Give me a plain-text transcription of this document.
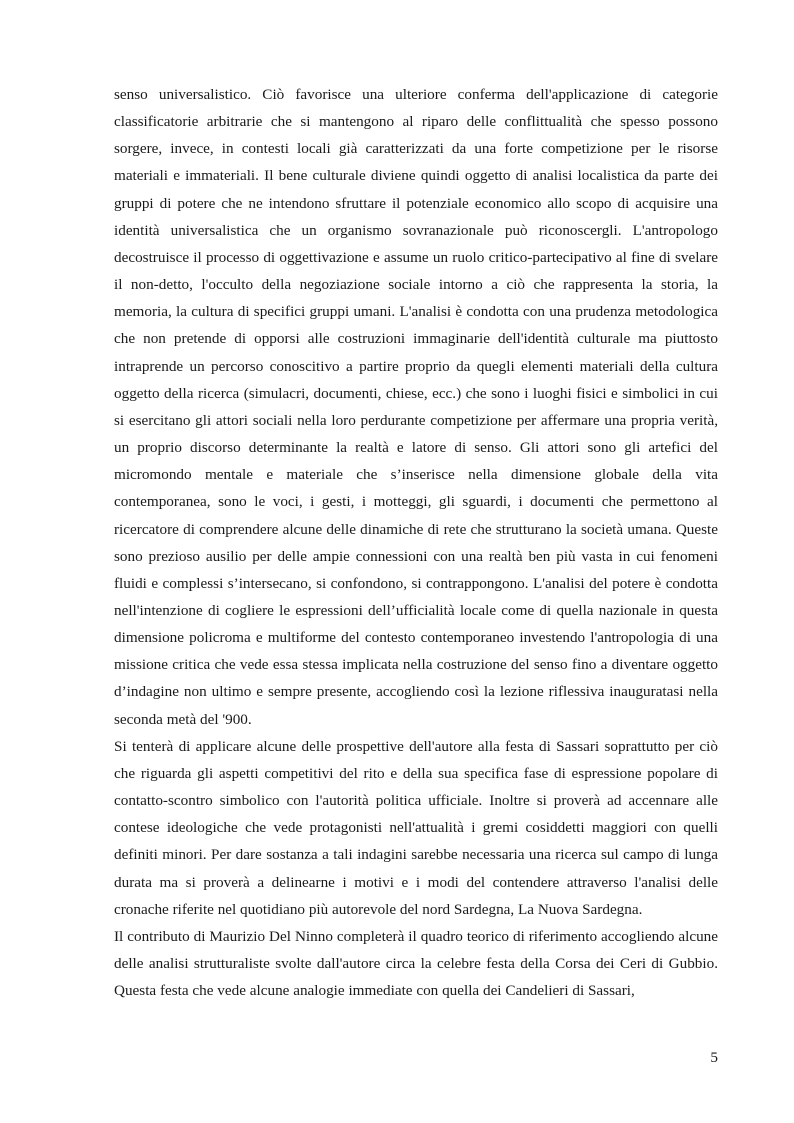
senso universalistico. Ciò favorisce una ulteriore conferma dell'applicazione di categorie classificatorie arbitrarie che si mantengono al riparo delle conflittualità che spesso possono sorgere, invece, in contesti locali già caratterizzati da una forte competizione per le risorse materiali e immateriali. Il bene culturale diviene quindi oggetto di analisi localistica da parte dei gruppi di potere che ne intendono sfruttare il potenziale economico allo scopo di acquisire una identità universalistica che un organismo sovranazionale può riconoscergli. L'antropologo decostruisce il processo di oggettivazione e assume un ruolo critico-partecipativo al fine di svelare il non-detto, l'occulto della negoziazione sociale intorno a ciò che rappresenta la storia, la memoria, la cultura di specifici gruppi umani. L'analisi è condotta con una prudenza metodologica che non pretende di opporsi alle costruzioni immaginarie dell'identità culturale ma piuttosto intraprende un percorso conoscitivo a partire proprio da quegli elementi materiali della cultura oggetto della ricerca (simulacri, documenti, chiese, ecc.) che sono i luoghi fisici e simbolici in cui si esercitano gli attori sociali nella loro perdurante competizione per affermare una propria verità, un proprio discorso determinante la realtà e latore di senso. Gli attori sono gli artefici del micromondo mentale e materiale che s’inserisce nella dimensione globale della vita contemporanea, sono le voci, i gesti, i motteggi, gli sguardi, i documenti che permettono al ricercatore di comprendere alcune delle dinamiche di rete che strutturano la società umana. Queste sono prezioso ausilio per delle ampie connessioni con una realtà ben più vasta in cui fenomeni fluidi e complessi s’intersecano, si confondono, si contrappongono. L'analisi del potere è condotta nell'intenzione di cogliere le espressioni dell’ufficialità locale come di quella nazionale in questa dimensione policroma e multiforme del contesto contemporaneo investendo l'antropologia di una missione critica che vede essa stessa implicata nella costruzione del senso fino a diventare oggetto d’indagine non ultimo e sempre presente, accogliendo così la lezione riflessiva inauguratasi nella seconda metà del '900.

Si tenterà di applicare alcune delle prospettive dell'autore alla festa di Sassari soprattutto per ciò che riguarda gli aspetti competitivi del rito e della sua specifica fase di espressione popolare di contatto-scontro simbolico con l'autorità politica ufficiale. Inoltre si proverà ad accennare alle contese ideologiche che vede protagonisti nell'attualità i gremi cosiddetti maggiori con quelli definiti minori. Per dare sostanza a tali indagini sarebbe necessaria una ricerca sul campo di lunga durata ma si proverà a delinearne i motivi e i modi del contendere attraverso l'analisi delle cronache riferite nel quotidiano più autorevole del nord Sardegna, La Nuova Sardegna.

Il contributo di Maurizio Del Ninno completerà il quadro teorico di riferimento accogliendo alcune delle analisi strutturaliste svolte dall'autore circa la celebre festa della Corsa dei Ceri di Gubbio. Questa festa che vede alcune analogie immediate con quella dei Candelieri di Sassari,

5
